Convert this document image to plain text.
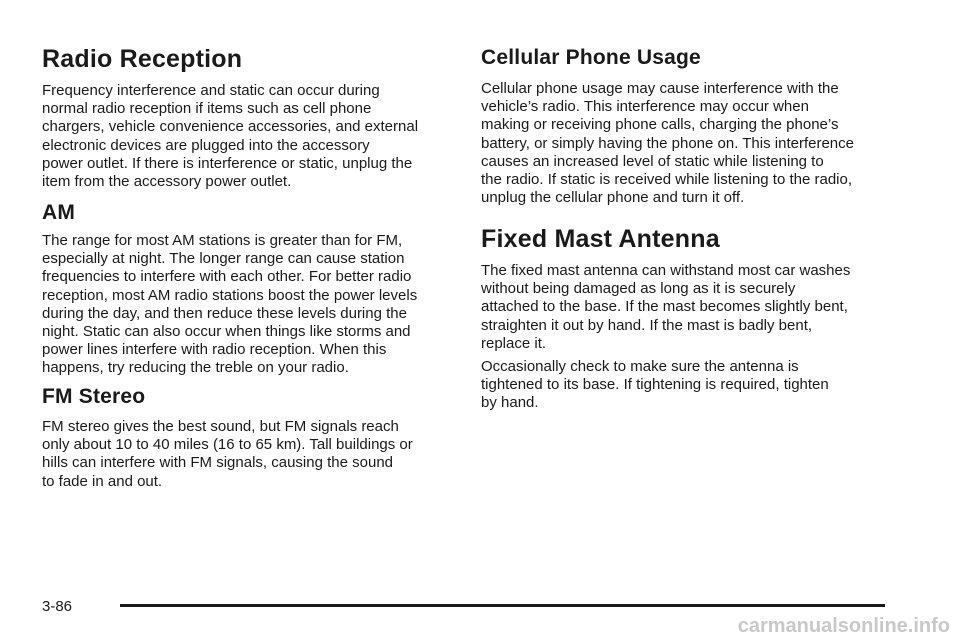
Radio Reception

Frequency interference and static can occur during
normal radio reception if items such as cell phone
chargers, vehicle convenience accessories, and external
electronic devices are plugged into the accessory
power outlet. If there is interference or static, unplug the
item from the accessory power outlet.

AM

The range for most AM stations is greater than for FM,
especially at night. The longer range can cause station
frequencies to interfere with each other. For better radio
reception, most AM radio stations boost the power levels
during the day, and then reduce these levels during the
night. Static can also occur when things like storms and
power lines interfere with radio reception. When this
happens, try reducing the treble on your radio.

FM Stereo

FM stereo gives the best sound, but FM signals reach
only about 10 to 40 miles (16 to 65 km). Tall buildings or
hills can interfere with FM signals, causing the sound
to fade in and out.

Cellular Phone Usage

Cellular phone usage may cause interference with the
vehicle’s radio. This interference may occur when
making or receiving phone calls, charging the phone’s
battery, or simply having the phone on. This interference
causes an increased level of static while listening to
the radio. If static is received while listening to the radio,
unplug the cellular phone and turn it off.

Fixed Mast Antenna

The fixed mast antenna can withstand most car washes
without being damaged as long as it is securely
attached to the base. If the mast becomes slightly bent,
straighten it out by hand. If the mast is badly bent,
replace it.

Occasionally check to make sure the antenna is
tightened to its base. If tightening is required, tighten
by hand.

3-86
carmanualsonline.info
